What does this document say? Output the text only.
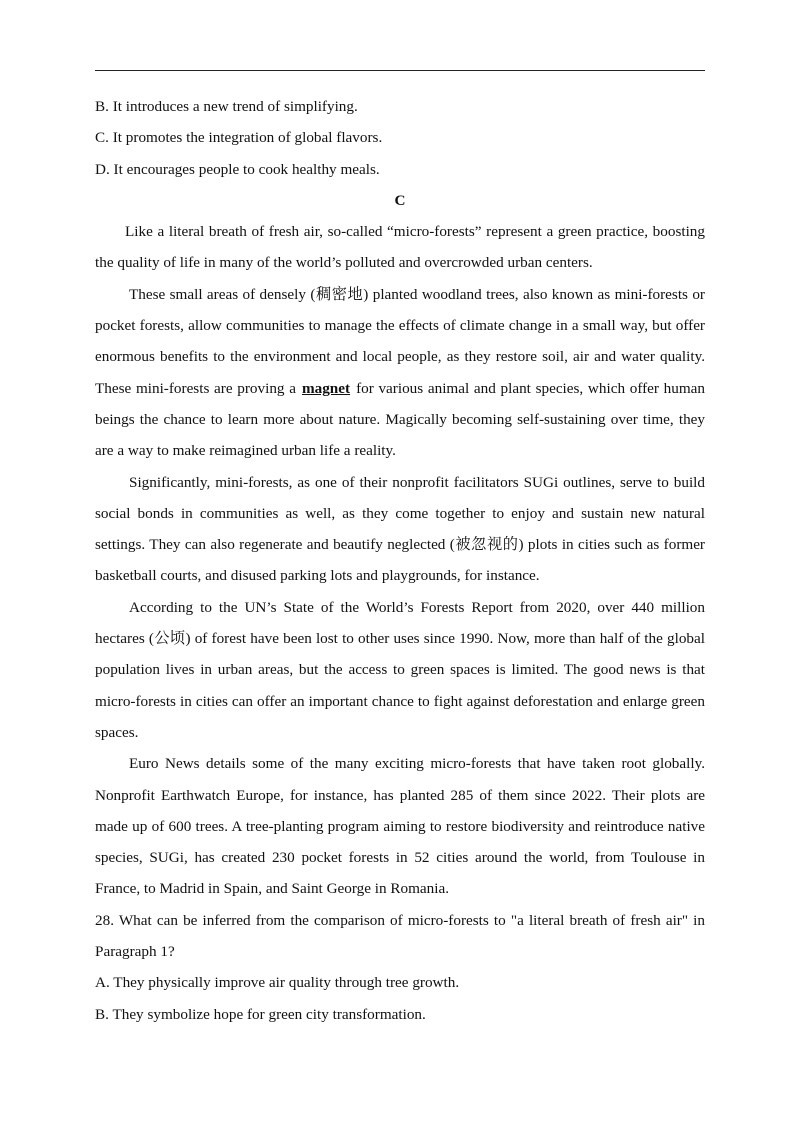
B. It introduces a new trend of simplifying.
C. It promotes the integration of global flavors.
D. It encourages people to cook healthy meals.
C

Like a literal breath of fresh air, so-called “micro-forests” represent a green practice, boosting the quality of life in many of the world’s polluted and overcrowded urban centers.

These small areas of densely (稠密地) planted woodland trees, also known as mini-forests or pocket forests, allow communities to manage the effects of climate change in a small way, but offer enormous benefits to the environment and local people, as they restore soil, air and water quality. These mini-forests are proving a magnet for various animal and plant species, which offer human beings the chance to learn more about nature. Magically becoming self-sustaining over time, they are a way to make reimagined urban life a reality.

Significantly, mini-forests, as one of their nonprofit facilitators SUGi outlines, serve to build social bonds in communities as well, as they come together to enjoy and sustain new natural settings. They can also regenerate and beautify neglected (被忽视的) plots in cities such as former basketball courts, and disused parking lots and playgrounds, for instance.

According to the UN’s State of the World’s Forests Report from 2020, over 440 million hectares (公顷) of forest have been lost to other uses since 1990. Now, more than half of the global population lives in urban areas, but the access to green spaces is limited. The good news is that micro-forests in cities can offer an important chance to fight against deforestation and enlarge green spaces.

Euro News details some of the many exciting micro-forests that have taken root globally. Nonprofit Earthwatch Europe, for instance, has planted 285 of them since 2022. Their plots are made up of 600 trees. A tree-planting program aiming to restore biodiversity and reintroduce native species, SUGi, has created 230 pocket forests in 52 cities around the world, from Toulouse in France, to Madrid in Spain, and Saint George in Romania.

28. What can be inferred from the comparison of micro-forests to "a literal breath of fresh air" in Paragraph 1?

A. They physically improve air quality through tree growth.
B. They symbolize hope for green city transformation.
